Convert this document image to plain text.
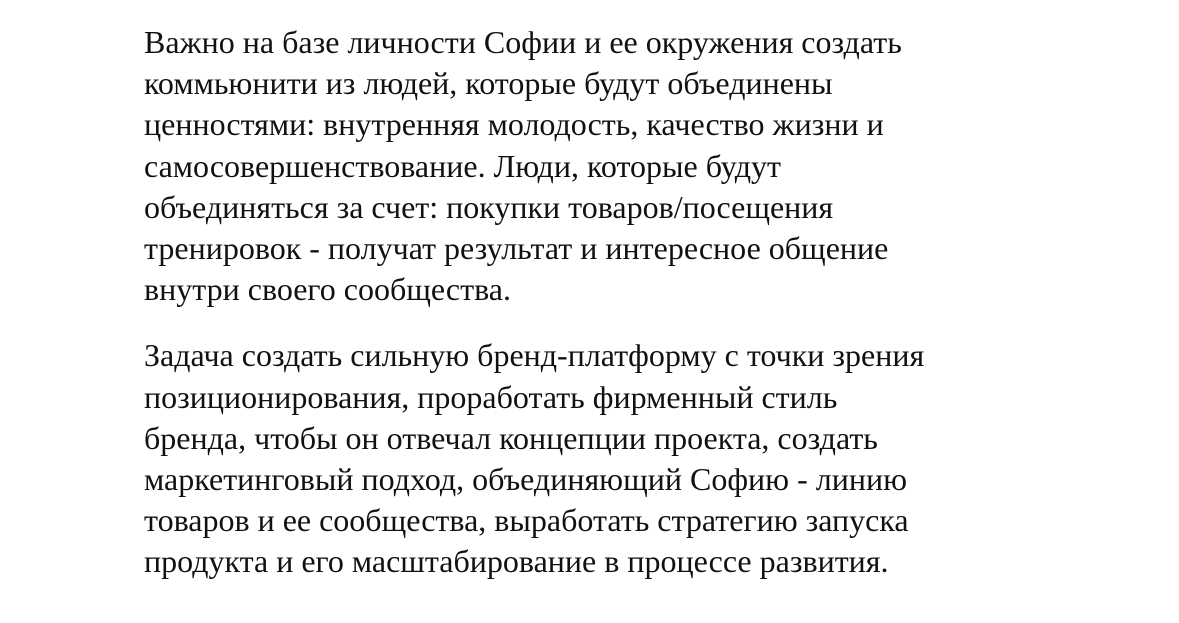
Важно на базе личности Софии и ее окружения создать
коммьюнити из людей, которые будут объединены
ценностями: внутренняя молодость, качество жизни и
самосовершенствование. Люди, которые будут
объединяться за счет: покупки товаров/посещения
тренировок - получат результат и интересное общение
внутри своего сообщества.

Задача создать сильную бренд-платформу с точки зрения
позиционирования, проработать фирменный стиль
бренда, чтобы он отвечал концепции проекта, создать
маркетинговый подход, объединяющий Софию - линию
товаров и ее сообщества, выработать стратегию запуска
продукта и его масштабирование в процессе развития.
